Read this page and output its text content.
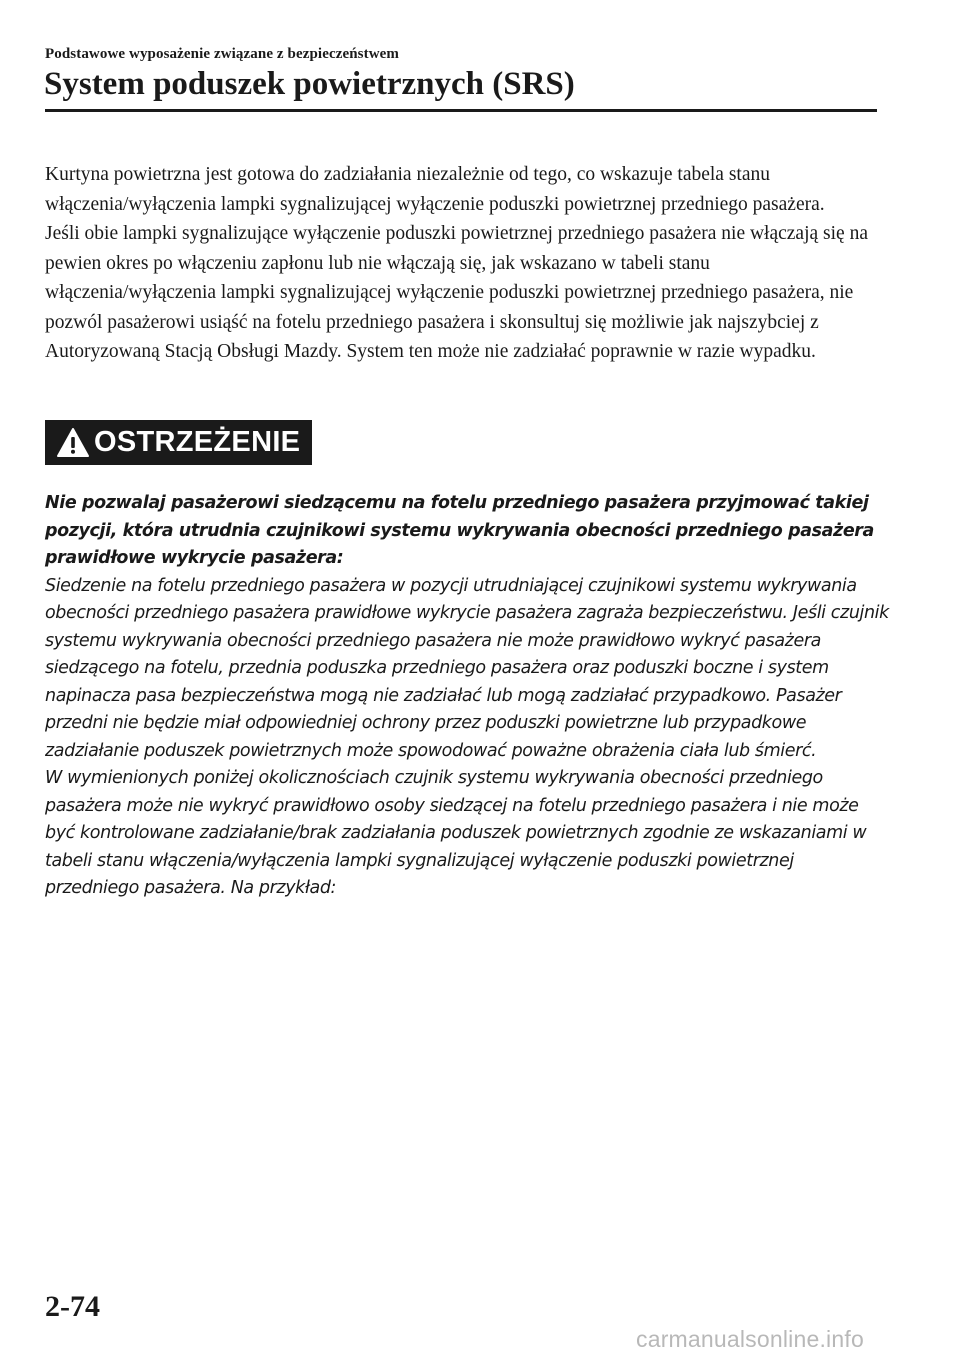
Podstawowe wyposażenie związane z bezpieczeństwem
System poduszek powietrznych (SRS)

Kurtyna powietrzna jest gotowa do zadziałania niezależnie od tego, co wskazuje tabela stanu włączenia/wyłączenia lampki sygnalizującej wyłączenie poduszki powietrznej przedniego pasażera.

Jeśli obie lampki sygnalizujące wyłączenie poduszki powietrznej przedniego pasażera nie włączają się na pewien okres po włączeniu zapłonu lub nie włączają się, jak wskazano w tabeli stanu włączenia/wyłączenia lampki sygnalizującej wyłączenie poduszki powietrznej przedniego pasażera, nie pozwól pasażerowi usiąść na fotelu przedniego pasażera i skonsultuj się możliwie jak najszybciej z Autoryzowaną Stacją Obsługi Mazdy. System ten może nie zadziałać poprawnie w razie wypadku.

OSTRZEŻENIE

Nie pozwalaj pasażerowi siedzącemu na fotelu przedniego pasażera przyjmować takiej pozycji, która utrudnia czujnikowi systemu wykrywania obecności przedniego pasażera prawidłowe wykrycie pasażera:

Siedzenie na fotelu przedniego pasażera w pozycji utrudniającej czujnikowi systemu wykrywania obecności przedniego pasażera prawidłowe wykrycie pasażera zagraża bezpieczeństwu. Jeśli czujnik systemu wykrywania obecności przedniego pasażera nie może prawidłowo wykryć pasażera siedzącego na fotelu, przednia poduszka przedniego pasażera oraz poduszki boczne i system napinacza pasa bezpieczeństwa mogą nie zadziałać lub mogą zadziałać przypadkowo. Pasażer przedni nie będzie miał odpowiedniej ochrony przez poduszki powietrzne lub przypadkowe zadziałanie poduszek powietrznych może spowodować poważne obrażenia ciała lub śmierć.

W wymienionych poniżej okolicznościach czujnik systemu wykrywania obecności przedniego pasażera może nie wykryć prawidłowo osoby siedzącej na fotelu przedniego pasażera i nie może być kontrolowane zadziałanie/brak zadziałania poduszek powietrznych zgodnie ze wskazaniami w tabeli stanu włączenia/wyłączenia lampki sygnalizującej wyłączenie poduszki powietrznej przedniego pasażera. Na przykład:

2-74
carmanualsonline.info
